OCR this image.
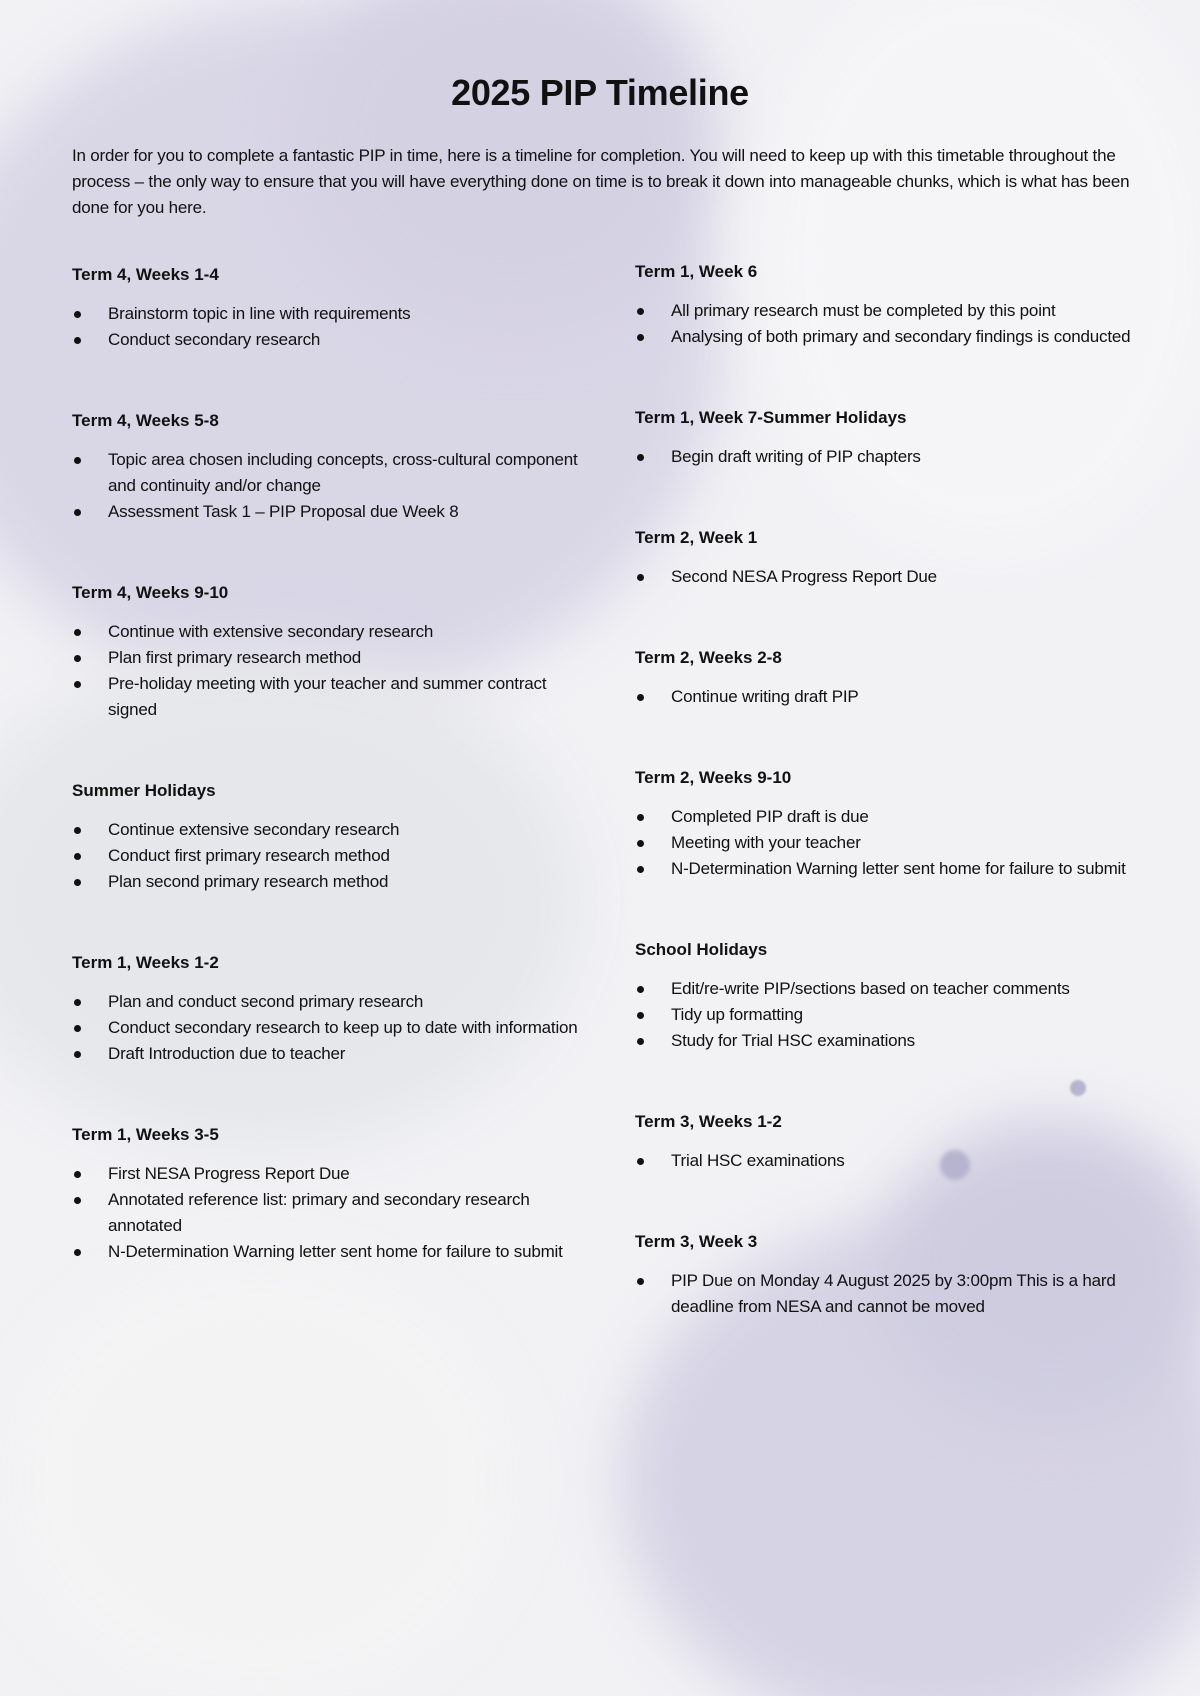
2025 PIP Timeline

In order for you to complete a fantastic PIP in time, here is a timeline for completion. You will need to keep up with this timetable throughout the process – the only way to ensure that you will have everything done on time is to break it down into manageable chunks, which is what has been done for you here.

Term 4, Weeks 1-4
Brainstorm topic in line with requirements
Conduct secondary research
Term 4, Weeks 5-8
Topic area chosen including concepts, cross-cultural component and continuity and/or change
Assessment Task 1 – PIP Proposal due Week 8
Term 4, Weeks 9-10
Continue with extensive secondary research
Plan first primary research method
Pre-holiday meeting with your teacher and summer contract signed
Summer Holidays
Continue extensive secondary research
Conduct first primary research method
Plan second primary research method
Term 1, Weeks 1-2
Plan and conduct second primary research
Conduct secondary research to keep up to date with information
Draft Introduction due to teacher
Term 1, Weeks 3-5
First NESA Progress Report Due
Annotated reference list: primary and secondary research annotated
N-Determination Warning letter sent home for failure to submit
Term 1, Week 6
All primary research must be completed by this point
Analysing of both primary and secondary findings is conducted
Term 1, Week 7-Summer Holidays
Begin draft writing of PIP chapters
Term 2, Week 1
Second NESA Progress Report Due
Term 2, Weeks 2-8
Continue writing draft PIP
Term 2, Weeks 9-10
Completed PIP draft is due
Meeting with your teacher
N-Determination Warning letter sent home for failure to submit
School Holidays
Edit/re-write PIP/sections based on teacher comments
Tidy up formatting
Study for Trial HSC examinations
Term 3, Weeks 1-2
Trial HSC examinations
Term 3, Week 3
PIP Due on Monday 4 August 2025 by 3:00pm This is a hard deadline from NESA and cannot be moved
